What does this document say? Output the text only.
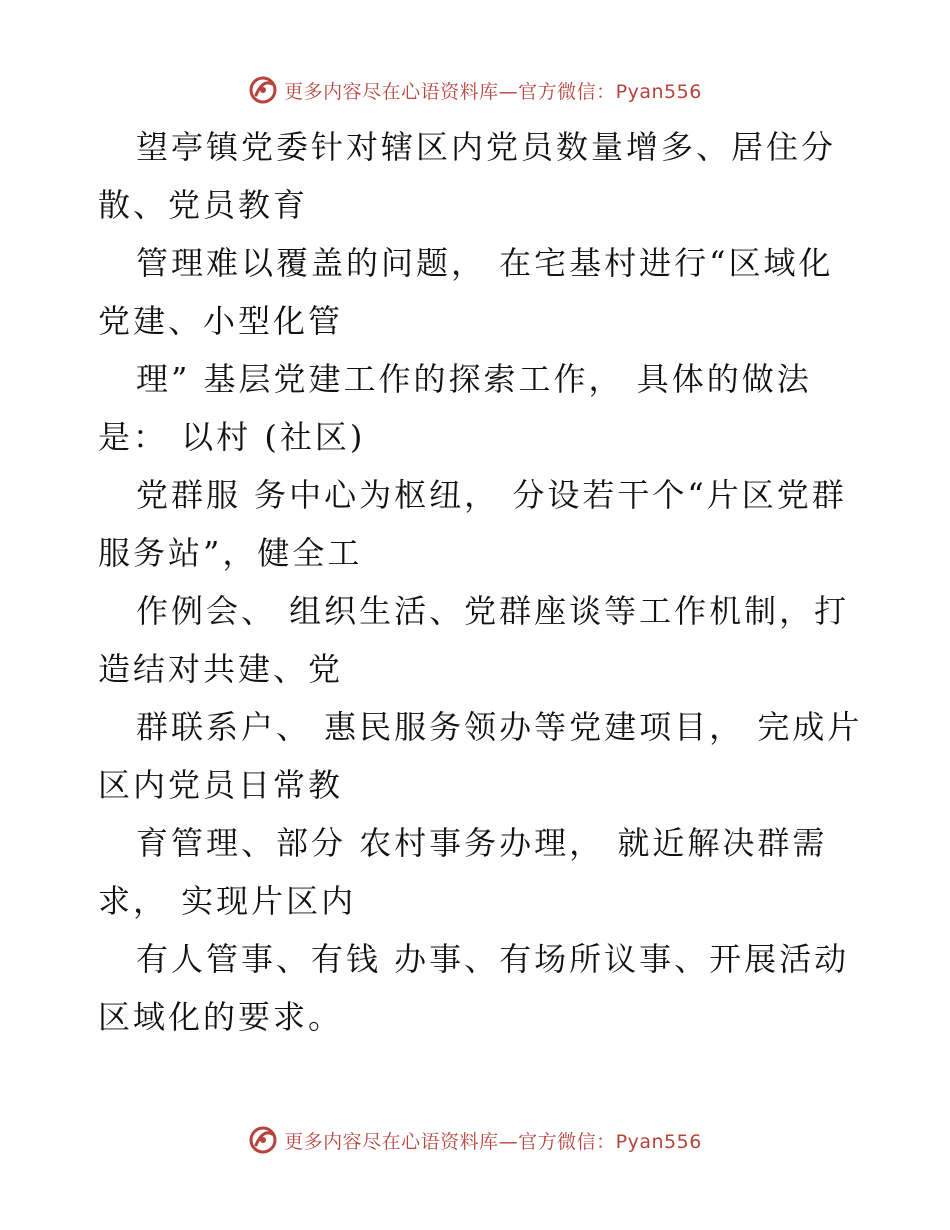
更多内容尽在心语资料库—官方微信：Pyan556
望亭镇党委针对辖区内党员数量增多、居住分
散、党员教育
管理难以覆盖的问题， 在宅基村进行“区域化
党建、小型化管
理” 基层党建工作的探索工作， 具体的做法
是： 以村 (社区)
党群服 务中心为枢纽， 分设若干个“片区党群
服务站”，健全工
作例会、 组织生活、党群座谈等工作机制，打
造结对共建、党
群联系户、 惠民服务领办等党建项目， 完成片
区内党员日常教
育管理、部分 农村事务办理， 就近解决群需
求， 实现片区内
有人管事、有钱 办事、有场所议事、开展活动
区域化的要求。
更多内容尽在心语资料库—官方微信：Pyan556
